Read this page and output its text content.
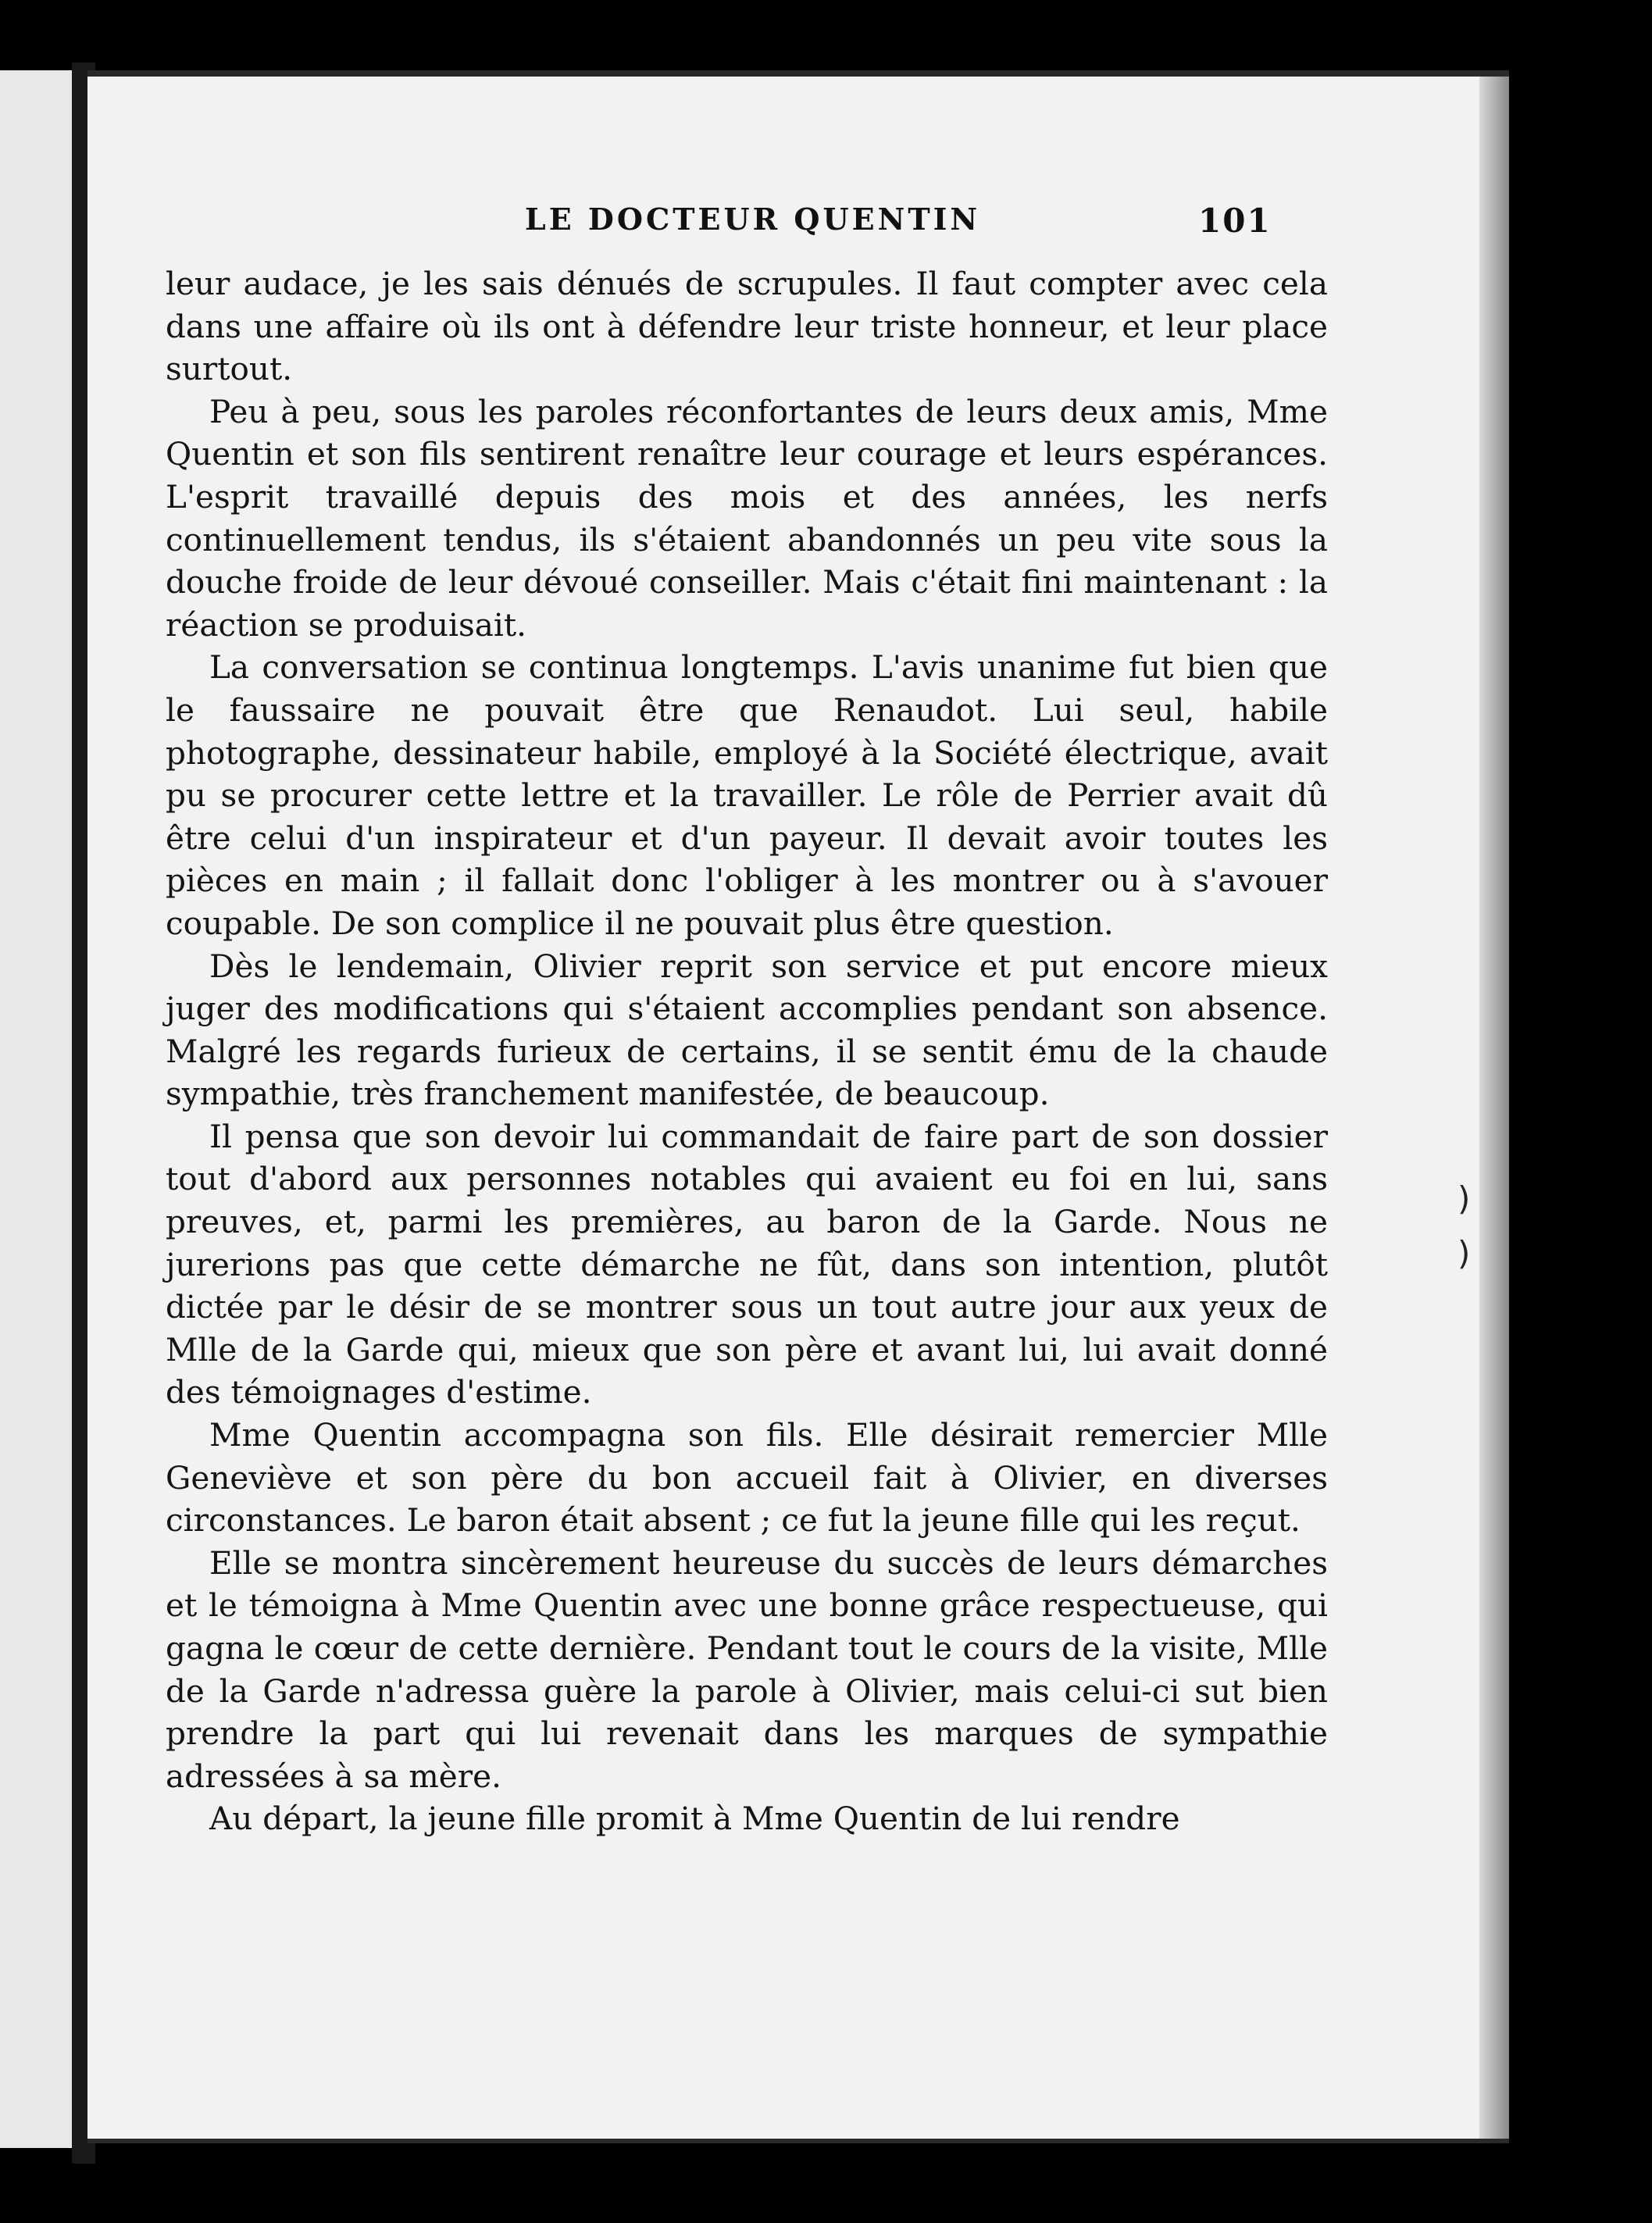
LE DOCTEUR QUENTIN	101

leur audace, je les sais dénués de scrupules. Il faut compter avec cela dans une affaire où ils ont à défendre leur triste honneur, et leur place surtout.

Peu à peu, sous les paroles réconfortantes de leurs deux amis, Mme Quentin et son fils sentirent renaître leur courage et leurs espérances. L'esprit travaillé depuis des mois et des années, les nerfs continuellement tendus, ils s'étaient abandonnés un peu vite sous la douche froide de leur dévoué conseiller. Mais c'était fini maintenant : la réaction se produisait.

La conversation se continua longtemps. L'avis unanime fut bien que le faussaire ne pouvait être que Renaudot. Lui seul, habile photographe, dessinateur habile, employé à la Société électrique, avait pu se procurer cette lettre et la travailler. Le rôle de Perrier avait dû être celui d'un inspirateur et d'un payeur. Il devait avoir toutes les pièces en main ; il fallait donc l'obliger à les montrer ou à s'avouer coupable. De son complice il ne pouvait plus être question.

Dès le lendemain, Olivier reprit son service et put encore mieux juger des modifications qui s'étaient accomplies pendant son absence. Malgré les regards furieux de certains, il se sentit ému de la chaude sympathie, très franchement manifestée, de beaucoup.

Il pensa que son devoir lui commandait de faire part de son dossier tout d'abord aux personnes notables qui avaient eu foi en lui, sans preuves, et, parmi les premières, au baron de la Garde. Nous ne jurerions pas que cette démarche ne fût, dans son intention, plutôt dictée par le désir de se montrer sous un tout autre jour aux yeux de Mlle de la Garde qui, mieux que son père et avant lui, lui avait donné des témoignages d'estime.

Mme Quentin accompagna son fils. Elle désirait remercier Mlle Geneviève et son père du bon accueil fait à Olivier, en diverses circonstances. Le baron était absent ; ce fut la jeune fille qui les reçut.

Elle se montra sincèrement heureuse du succès de leurs démarches et le témoigna à Mme Quentin avec une bonne grâce respectueuse, qui gagna le cœur de cette dernière. Pendant tout le cours de la visite, Mlle de la Garde n'adressa guère la parole à Olivier, mais celui-ci sut bien prendre la part qui lui revenait dans les marques de sympathie adressées à sa mère.

Au départ, la jeune fille promit à Mme Quentin de lui rendre

)
)
